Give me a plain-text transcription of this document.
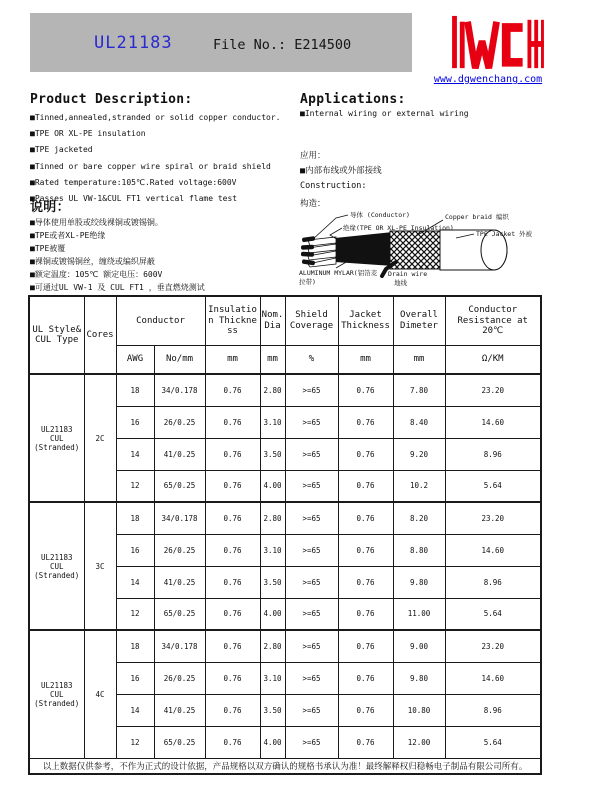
UL21183	File No.: E214500
www.dgwenchang.com
Product Description:
■Tinned,annealed,stranded or solid copper conductor.
■TPE OR XL-PE insulation
■TPE jacketed
■Tinned or bare copper wire spiral or braid shield
■Rated temperature:105℃.Rated voltage:600V
■Passes UL VW-1&CUL FT1 vertical flame test
说明：
■导体使用单股或绞线裸铜或镀锡铜。
■TPE或者XL-PE绝缘
■TPE被覆
■裸铜或镀锡铜丝，缠绕或编织屏蔽
■额定温度：105℃ 额定电压：600V
■可通过UL VW-1 及 CUL FT1 ，垂直燃烧测试
Applications:
■Internal wiring or external wiring
应用：
■内部布线或外部接线
Construction:
构造：
导体 (Conductor)
绝缘(TPE OR XL-PE Insulation)
Copper braid 编织
TPE Jacket 外被
ALUMINUM MYLAR(铝箔麦
拉带)
Drain wire
地线
UL Style& CUL Type	Cores	Conductor		Insulation Thickness	Nom. Dia	Shield Coverage	Jacket Thickness	Overall Dimeter	Conductor Resistance at 20℃
		AWG	No/mm	mm	mm	%	mm	mm	Ω/KM

UL21183
CUL
(Stranded)	2C	18	34/0.178	0.76	2.80	>=65	0.76	7.80	23.20
		16	26/0.25	0.76	3.10	>=65	0.76	8.40	14.60
		14	41/0.25	0.76	3.50	>=65	0.76	9.20	8.96
		12	65/0.25	0.76	4.00	>=65	0.76	10.2	5.64

UL21183
CUL
(Stranded)	3C	18	34/0.178	0.76	2.80	>=65	0.76	8.20	23.20
		16	26/0.25	0.76	3.10	>=65	0.76	8.80	14.60
		14	41/0.25	0.76	3.50	>=65	0.76	9.80	8.96
		12	65/0.25	0.76	4.00	>=65	0.76	11.00	5.64

UL21183
CUL
(Stranded)	4C	18	34/0.178	0.76	2.80	>=65	0.76	9.00	23.20
		16	26/0.25	0.76	3.10	>=65	0.76	9.80	14.60
		14	41/0.25	0.76	3.50	>=65	0.76	10.80	8.96
		12	65/0.25	0.76	4.00	>=65	0.76	12.00	5.64
以上数据仅供参考，不作为正式的设计依据，产品规格以双方确认的规格书承认为准！最终解释权归稳畅电子制品有限公司所有。									
